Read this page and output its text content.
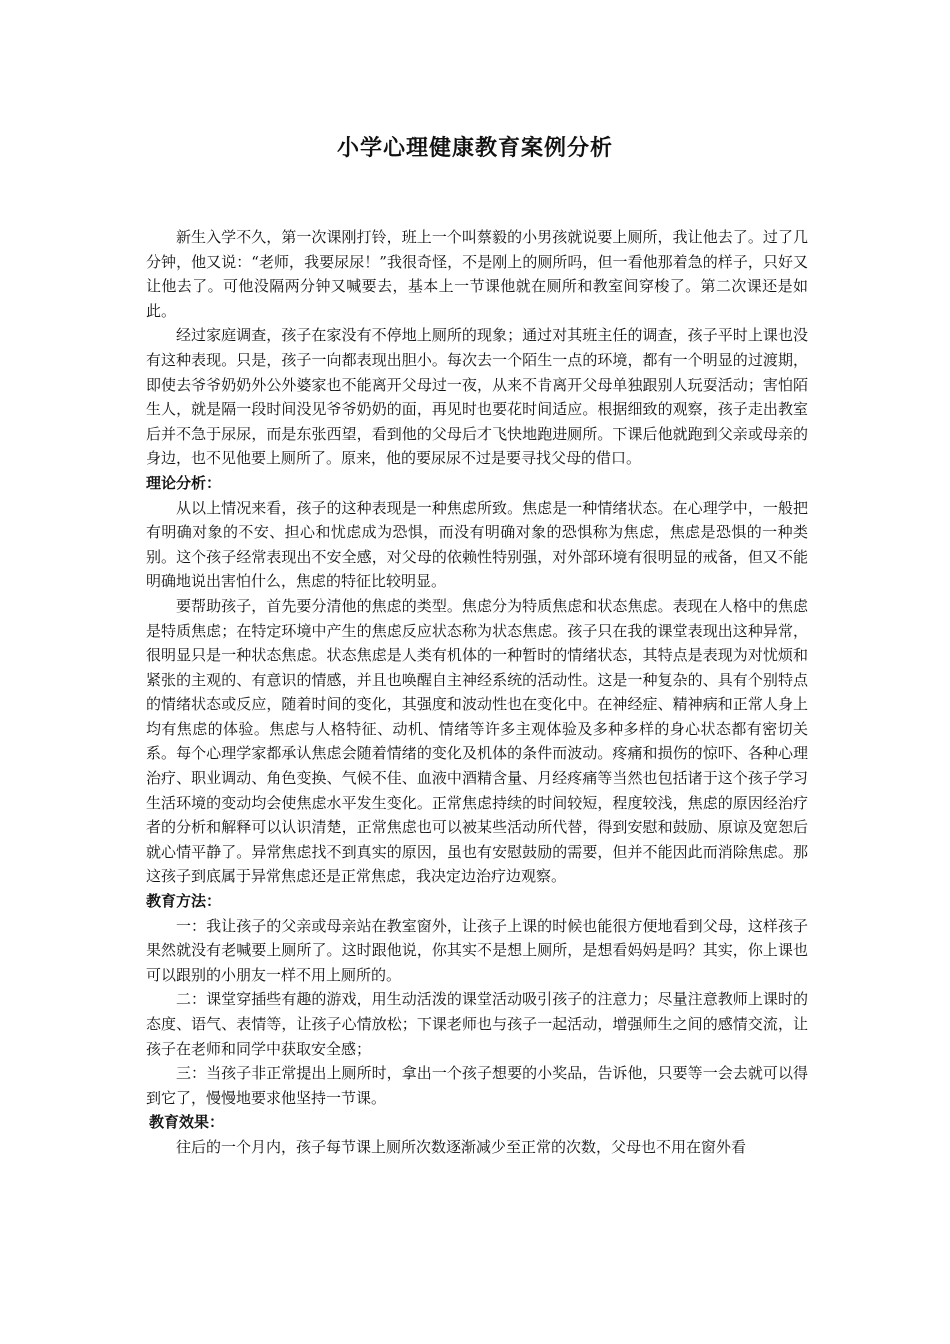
小学心理健康教育案例分析

新生入学不久，第一次课刚打铃，班上一个叫蔡毅的小男孩就说要上厕所，我让他去了。过了几分钟，他又说：“老师，我要尿尿！”我很奇怪，不是刚上的厕所吗，但一看他那着急的样子，只好又让他去了。可他没隔两分钟又喊要去，基本上一节课他就在厕所和教室间穿梭了。第二次课还是如此。

经过家庭调查，孩子在家没有不停地上厕所的现象；通过对其班主任的调查，孩子平时上课也没有这种表现。只是，孩子一向都表现出胆小。每次去一个陌生一点的环境，都有一个明显的过渡期，即使去爷爷奶奶外公外婆家也不能离开父母过一夜，从来不肯离开父母单独跟别人玩耍活动；害怕陌生人，就是隔一段时间没见爷爷奶奶的面，再见时也要花时间适应。根据细致的观察，孩子走出教室后并不急于尿尿，而是东张西望，看到他的父母后才飞快地跑进厕所。下课后他就跑到父亲或母亲的身边，也不见他要上厕所了。原来，他的要尿尿不过是要寻找父母的借口。

理论分析：

从以上情况来看，孩子的这种表现是一种焦虑所致。焦虑是一种情绪状态。在心理学中，一般把有明确对象的不安、担心和忧虑成为恐惧，而没有明确对象的恐惧称为焦虑，焦虑是恐惧的一种类别。这个孩子经常表现出不安全感，对父母的依赖性特别强，对外部环境有很明显的戒备，但又不能明确地说出害怕什么，焦虑的特征比较明显。

要帮助孩子，首先要分清他的焦虑的类型。焦虑分为特质焦虑和状态焦虑。表现在人格中的焦虑是特质焦虑；在特定环境中产生的焦虑反应状态称为状态焦虑。孩子只在我的课堂表现出这种异常，很明显只是一种状态焦虑。状态焦虑是人类有机体的一种暂时的情绪状态，其特点是表现为对忧烦和紧张的主观的、有意识的情感，并且也唤醒自主神经系统的活动性。这是一种复杂的、具有个别特点的情绪状态或反应，随着时间的变化，其强度和波动性也在变化中。在神经症、精神病和正常人身上均有焦虑的体验。焦虑与人格特征、动机、情绪等许多主观体验及多种多样的身心状态都有密切关系。每个心理学家都承认焦虑会随着情绪的变化及机体的条件而波动。疼痛和损伤的惊吓、各种心理治疗、职业调动、角色变换、气候不佳、血液中酒精含量、月经疼痛等当然也包括诸于这个孩子学习生活环境的变动均会使焦虑水平发生变化。正常焦虑持续的时间较短，程度较浅，焦虑的原因经治疗者的分析和解释可以认识清楚，正常焦虑也可以被某些活动所代替，得到安慰和鼓励、原谅及宽恕后就心情平静了。异常焦虑找不到真实的原因，虽也有安慰鼓励的需要，但并不能因此而消除焦虑。那这孩子到底属于异常焦虑还是正常焦虑，我决定边治疗边观察。

教育方法：

一：我让孩子的父亲或母亲站在教室窗外，让孩子上课的时候也能很方便地看到父母，这样孩子果然就没有老喊要上厕所了。这时跟他说，你其实不是想上厕所，是想看妈妈是吗？其实，你上课也可以跟别的小朋友一样不用上厕所的。

二：课堂穿插些有趣的游戏，用生动活泼的课堂活动吸引孩子的注意力；尽量注意教师上课时的态度、语气、表情等，让孩子心情放松；下课老师也与孩子一起活动，增强师生之间的感情交流，让孩子在老师和同学中获取安全感；

三：当孩子非正常提出上厕所时，拿出一个孩子想要的小奖品，告诉他，只要等一会去就可以得到它了，慢慢地要求他坚持一节课。

教育效果：

往后的一个月内，孩子每节课上厕所次数逐渐减少至正常的次数，父母也不用在窗外看
